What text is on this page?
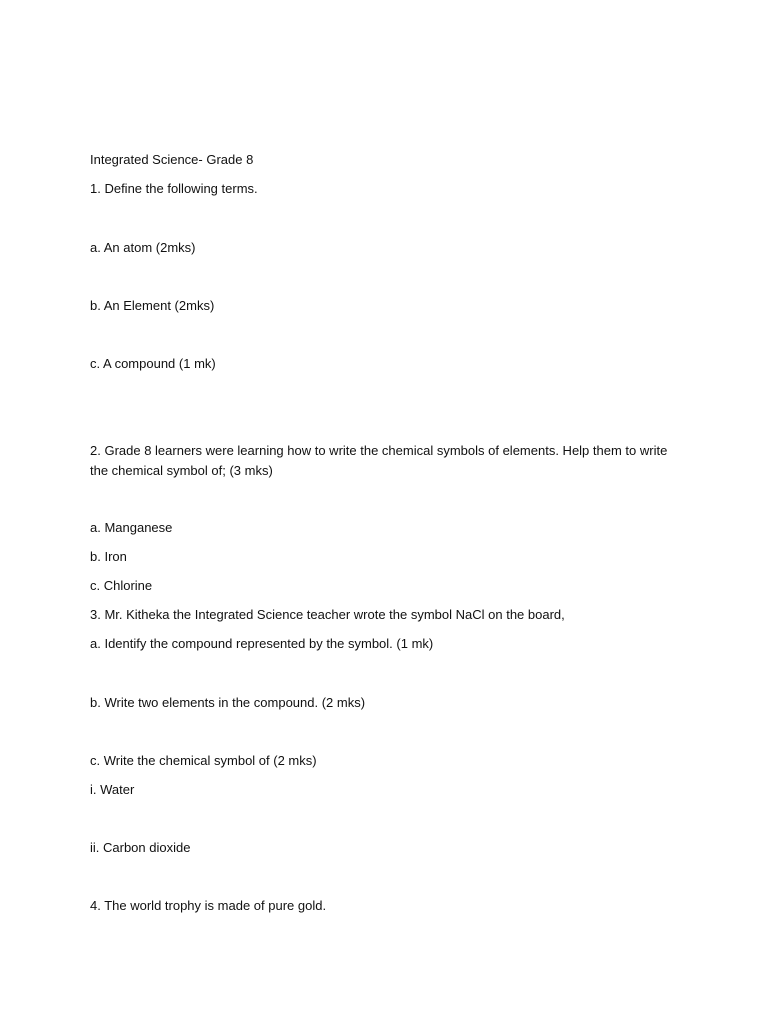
Integrated Science- Grade 8
1. Define the following terms.
a. An atom (2mks)
b. An Element (2mks)
c. A compound (1 mk)
2. Grade 8 learners were learning how to write the chemical symbols of elements. Help them to write the chemical symbol of; (3 mks)
a. Manganese
b. Iron
c. Chlorine
3. Mr. Kitheka the Integrated Science teacher wrote the symbol NaCl on the board,
a. Identify the compound represented by the symbol. (1 mk)
b. Write two elements in the compound. (2 mks)
c. Write the chemical symbol of (2 mks)
i. Water
ii. Carbon dioxide
4. The world trophy is made of pure gold.
